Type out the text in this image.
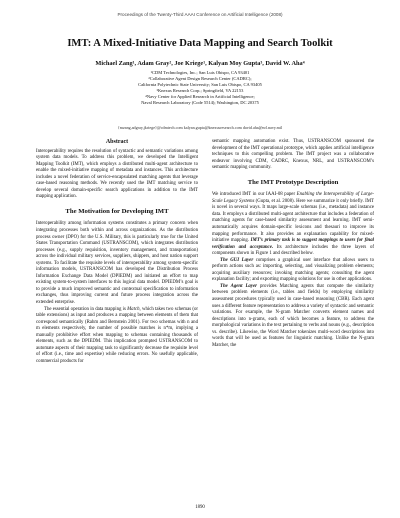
Proceedings of the Twenty-Third AAAI Conference on Artificial Intelligence (2008)
IMT: A Mixed-Initiative Data Mapping and Search Toolkit
Michael Zang¹, Adam Gray², Joe Kriege¹, Kalyan Moy Gupta³, David W. Aha⁴
¹CDM Technologies, Inc.; San Luis Obispo, CA 93401
²Collaborative Agent Design Research Center (CADRC);
California Polytechnic State University; San Luis Obispo, CA 93405
³Knexus Research Corp.; Springfield, VA 22153
⁴Navy Center for Applied Research in Artificial Intelligence;
Naval Research Laboratory (Code 5514); Washington, DC 20375
{mzang,adgray,jkriege}@cdmtech.com kalyan.gupta@knexusresearch.com david.aha@nrl.navy.mil
Abstract

Interoperability requires the resolution of syntactic and semantic variations among system data models. To address this problem, we developed the Intelligent Mapping Toolkit (IMT), which employs a distributed multi-agent architecture to enable the mixed-initiative mapping of metadata and instances. This architecture includes a novel federation of service-encapsulated matching agents that leverage case-based reasoning methods. We recently used the IMT matching service to develop several domain-specific search applications in addition to the IMT mapping application.

The Motivation for Developing IMT

Interoperability among information systems constitutes a primary concern when integrating processes both within and across organizations. As the distribution process owner (DPO) for the U.S. Military, this is particularly true for the United States Transportation Command (USTRANSCOM), which integrates distribution processes (e.g., supply requisition, inventory management, and transportation) across the individual military services, suppliers, shippers, and host nation support systems. To facilitate the requisite levels of interoperability among system-specific information models, USTRANSCOM has developed the Distribution Process Information Exchange Data Model (DPIEDM) and initiated an effort to map existing system-to-system interfaces to this logical data model. DPIEDM’s goal is to provide a much improved semantic and contextual specification to information exchanges, thus improving current and future process integration across the extended enterprise.

The essential operation in data mapping is Match, which takes two schemas (or table extensions) as input and produces a mapping between elements of them that correspond semantically (Rahm and Bernstein 2001). For two schemas with n and m elements respectively, the number of possible matches is n*m, implying a manually prohibitive effort when mapping to schemas containing thousands of elements, such as the DPIEDM. This implication prompted USTRANSCOM to automate aspects of their mapping task to significantly decrease the requisite level of effort (i.e., time and expertise) while reducing errors. No usefully applicable, commercial products for

semantic mapping automation exist. Thus, USTRANSCOM sponsored the development of the IMT operational prototype, which applies artificial intelligence techniques to this compelling problem. The IMT project was a collaborative endeavor involving CDM, CADRC, Knexus, NRL, and USTRANSCOM’s semantic mapping community.

The IMT Prototype Description

We introduced IMT in our IAAI-08 paper Enabling the Interoperability of Large-Scale Legacy Systems (Gupta, et al. 2008). Here we summarize it only briefly. IMT is novel in several ways. It maps large-scale schemas (i.e., metadata) and instance data. It employs a distributed multi-agent architecture that includes a federation of matching agents for case-based similarity assessment and learning. IMT semi-automatically acquires domain-specific lexicons and thesauri to improve its mapping performance. It also provides an explanation capability for mixed-initiative mapping. IMT’s primary task is to suggest mappings to users for final verification and acceptance. Its architecture includes the three layers of components shown in Figure 1 and described below.

The GUI Layer comprises a graphical user interface that allows users to perform actions such as: importing, selecting, and visualizing problem elements; acquiring auxiliary resources; invoking matching agents; consulting the agent explanation facility; and exporting mapping solutions for use in other applications.

The Agent Layer provides Matching agents that compute the similarity between problem elements (i.e., tables and fields) by employing similarity assessment procedures typically used in case-based reasoning (CBR). Each agent uses a different feature representation to address a variety of syntactic and semantic variations. For example, the N-gram Matcher converts element names and descriptions into n-grams, each of which becomes a feature, to address the morphological variations in the text pertaining to verbs and nouns (e.g., description vs. describe). Likewise, the Word Matcher tokenizes multi-word descriptions into words that will be used as features for linguistic matching. Unlike the N-gram Matcher, the

1890
